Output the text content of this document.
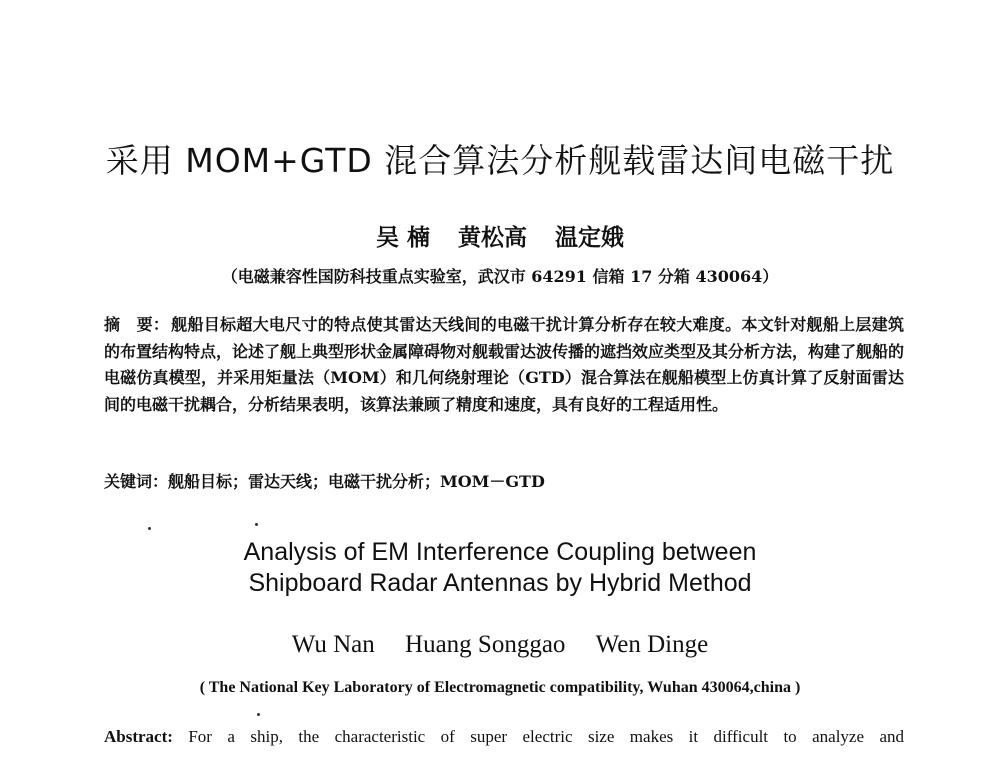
采用 MOM+GTD 混合算法分析舰载雷达间电磁干扰
吴 楠 黄松高 温定娥
（电磁兼容性国防科技重点实验室，武汉市 64291 信箱 17 分箱 430064）
摘　要： 舰船目标超大电尺寸的特点使其雷达天线间的电磁干扰计算分析存在较大难度。本文针对舰船上层建筑的布置结构特点，论述了舰上典型形状金属障碍物对舰载雷达波传播的遮挡效应类型及其分析方法，构建了舰船的电磁仿真模型，并采用矩量法（MOM）和几何绕射理论（GTD）混合算法在舰船模型上仿真计算了反射面雷达间的电磁干扰耦合，分析结果表明，该算法兼顾了精度和速度，具有良好的工程适用性。
关键词：舰船目标；雷达天线；电磁干扰分析；MOM－GTD
Analysis of EM Interference Coupling between
Shipboard Radar Antennas by Hybrid Method
Wu Nan Huang Songgao Wen Dinge
( The National Key Laboratory of Electromagnetic compatibility, Wuhan 430064,china )
Abstract: For a ship, the characteristic of super electric size makes it difficult to analyze and
